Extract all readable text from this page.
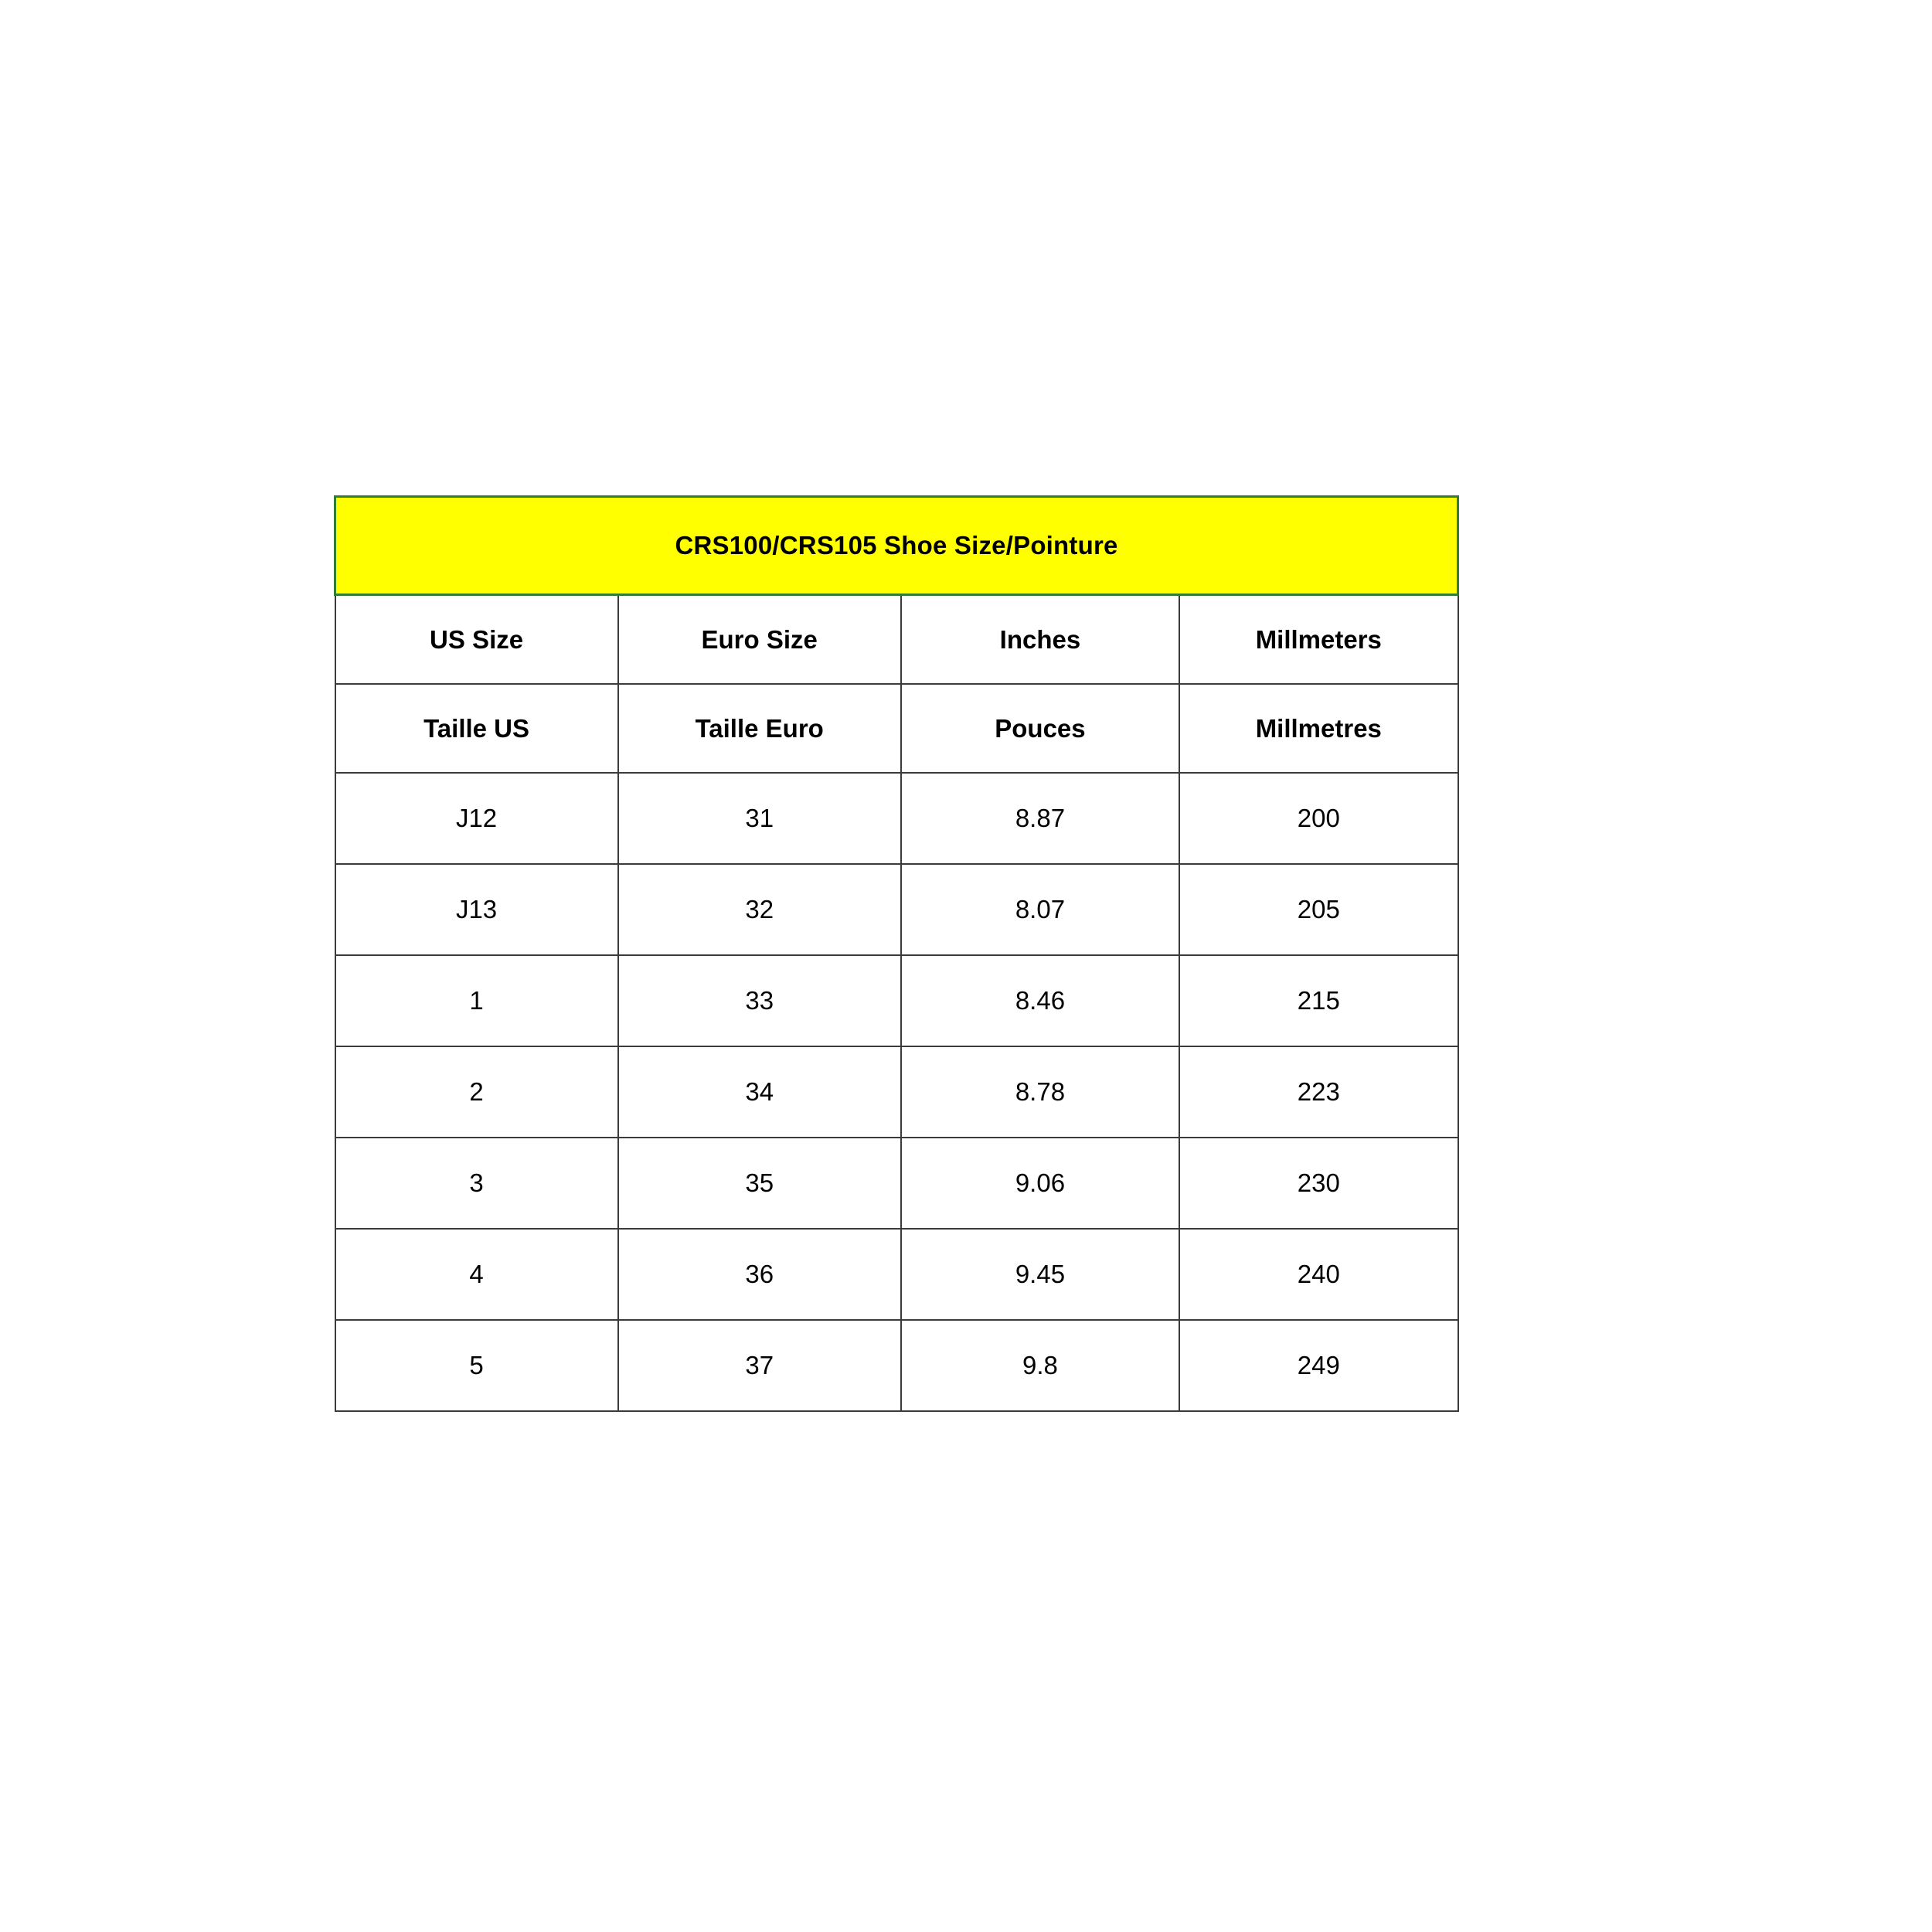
CRS100/CRS105 Shoe Size/Pointure			
US Size	Euro Size	Inches	Millmeters
Taille US	Taille Euro	Pouces	Millmetres
J12	31	8.87	200
J13	32	8.07	205
1	33	8.46	215
2	34	8.78	223
3	35	9.06	230
4	36	9.45	240
5	37	9.8	249
